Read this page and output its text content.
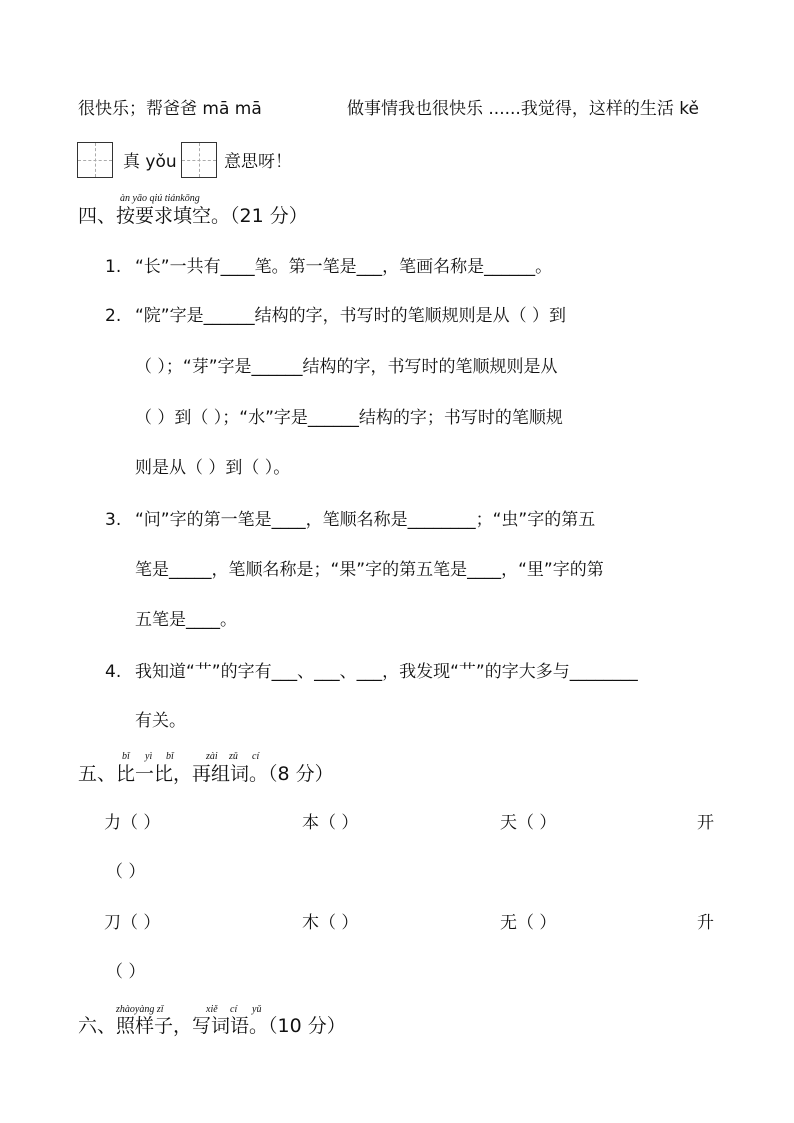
很快乐；帮爸爸 mā mā	做事情我也很快乐 ......我觉得，这样的生活 kě
真 yǒu	意思呀！
àn yāo qiú tiánkōng
四、按要求填空。（21 分）
1. “长”一共有____笔。第一笔是___，笔画名称是______。
2. “院”字是______结构的字，书写时的笔顺规则是从（ ）到
（ ）；“芽”字是______结构的字，书写时的笔顺规则是从
（ ）到（ ）；“水”字是______结构的字；书写时的笔顺规
则是从（ ）到（ ）。
3. “问”字的第一笔是____，笔顺名称是________；“虫”字的第五
笔是_____，笔顺名称是；“果”字的第五笔是____，“里”字的第
五笔是____。
4. 我知道“艹”的字有___、___、___，我发现“艹”的字大多与________
有关。
bǐ yì bǐ	zài zǔ cí
五、比一比，再组词。（8 分）
力（ ）	本（ ）	天（ ）	开
（ ）
刀（ ）	木（ ）	无（ ）	升
（ ）
zhàoyàng zǐ	xiě cí yǔ
六、照样子，写词语。（10 分）
